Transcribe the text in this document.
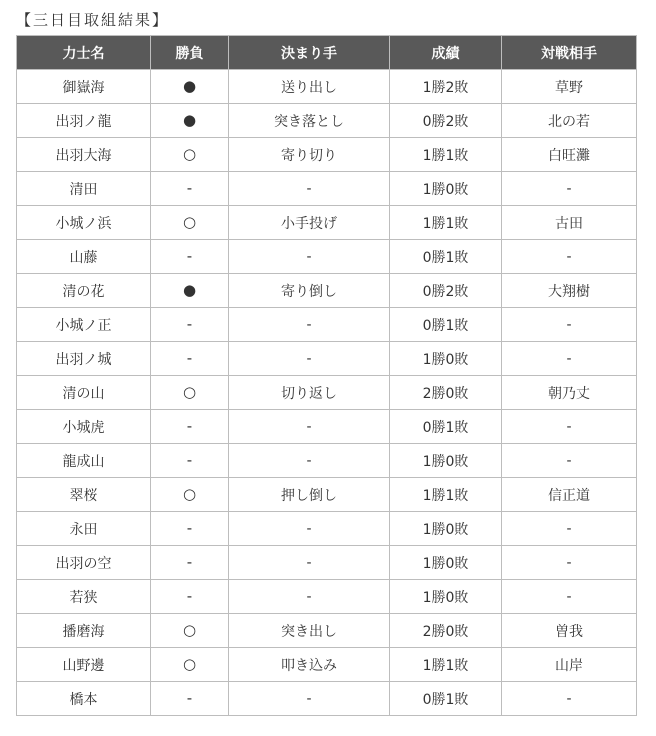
【三日目取組結果】
力士名	勝負	決まり手	成績	対戦相手
御嶽海	●	送り出し	1勝2敗	草野
出羽ノ龍	●	突き落とし	0勝2敗	北の若
出羽大海	○	寄り切り	1勝1敗	白旺灘
清田	-	-	1勝0敗	-
小城ノ浜	○	小手投げ	1勝1敗	古田
山藤	-	-	0勝1敗	-
清の花	●	寄り倒し	0勝2敗	大翔樹
小城ノ正	-	-	0勝1敗	-
出羽ノ城	-	-	1勝0敗	-
清の山	○	切り返し	2勝0敗	朝乃丈
小城虎	-	-	0勝1敗	-
龍成山	-	-	1勝0敗	-
翠桜	○	押し倒し	1勝1敗	信正道
永田	-	-	1勝0敗	-
出羽の空	-	-	1勝0敗	-
若狭	-	-	1勝0敗	-
播磨海	○	突き出し	2勝0敗	曽我
山野邊	○	叩き込み	1勝1敗	山岸
橋本	-	-	0勝1敗	-
